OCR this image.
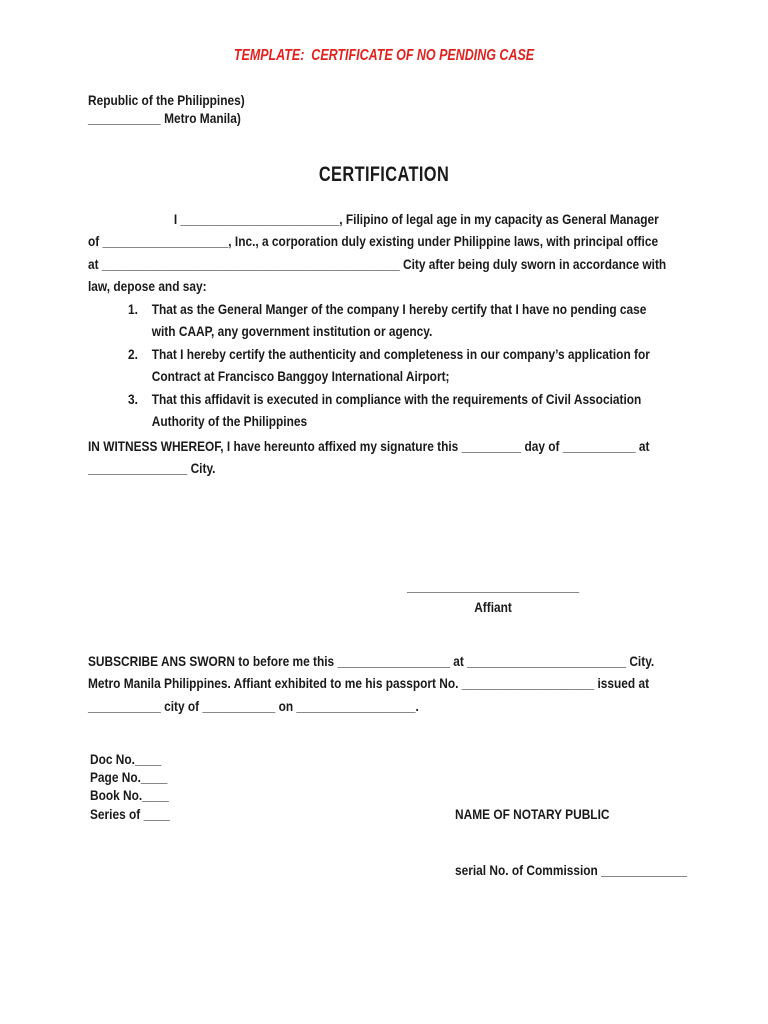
TEMPLATE:  CERTIFICATE OF NO PENDING CASE
Republic of the Philippines)
___________ Metro Manila)
CERTIFICATION
I ________________________, Filipino of legal age in my capacity as General Manager
of ___________________, Inc., a corporation duly existing under Philippine laws, with principal office
at _____________________________________________ City after being duly sworn in accordance with
law, depose and say:
1. That as the General Manger of the company I hereby certify that I have no pending case
with CAAP, any government institution or agency.
2. That I hereby certify the authenticity and completeness in our company’s application for
Contract at Francisco Banggoy International Airport;
3. That this affidavit is executed in compliance with the requirements of Civil Association
Authority of the Philippines
IN WITNESS WHEREOF, I have hereunto affixed my signature this _________ day of ___________ at
_______________ City.
__________________________
Affiant
SUBSCRIBE ANS SWORN to before me this _________________ at ________________________ City.
Metro Manila Philippines. Affiant exhibited to me his passport No. ____________________ issued at
___________ city of ___________ on __________________.
Doc No.____
Page No.____
Book No.____
Series of ____

	NAME OF NOTARY PUBLIC

serial No. of Commission _____________
